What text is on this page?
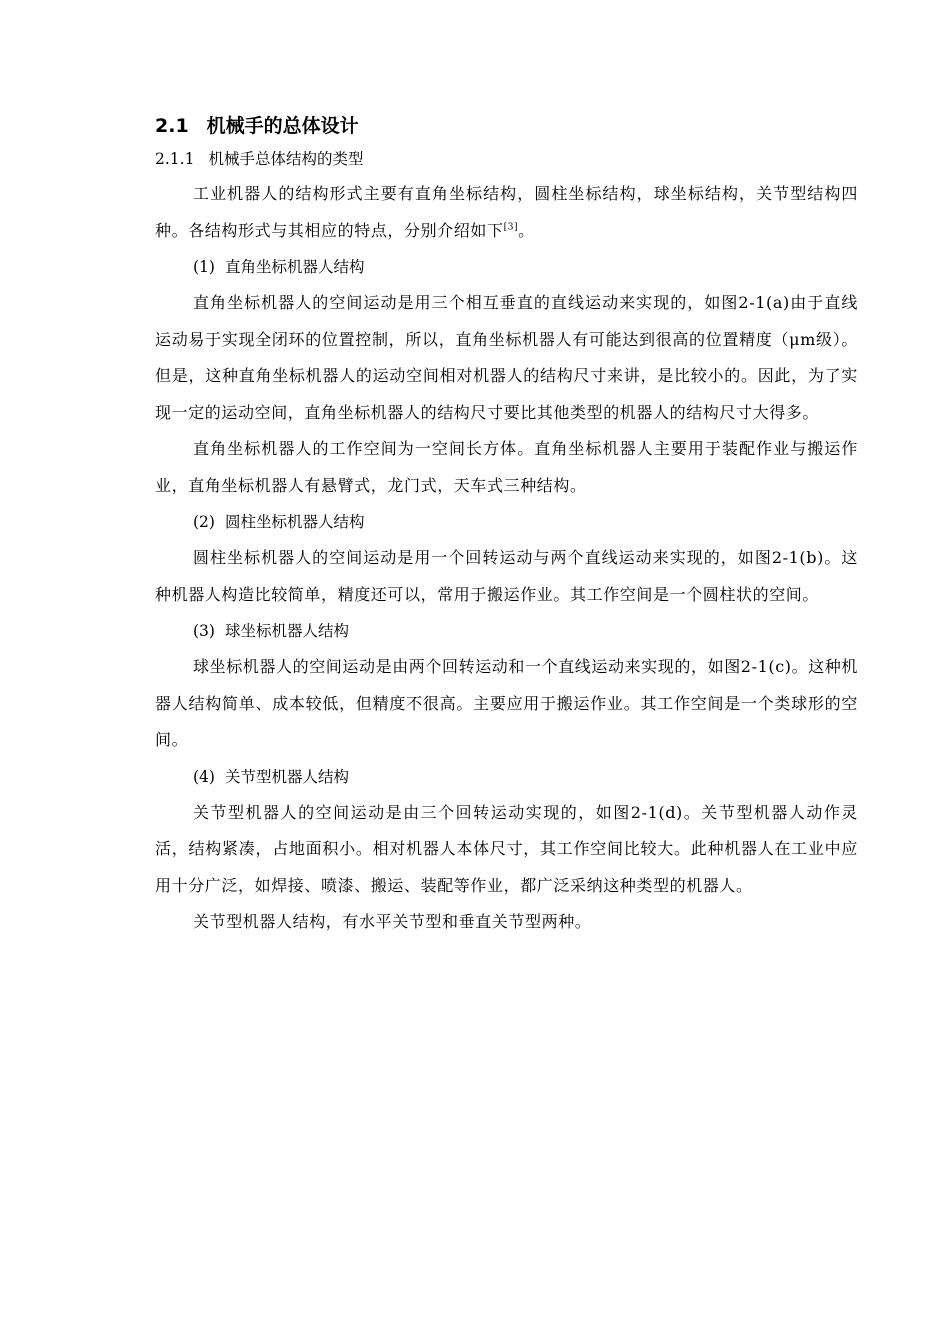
2.1 机械手的总体设计
2.1.1 机械手总体结构的类型

工业机器人的结构形式主要有直角坐标结构，圆柱坐标结构，球坐标结构，关节型结构四种。各结构形式与其相应的特点，分别介绍如下[3]。

(1) 直角坐标机器人结构

直角坐标机器人的空间运动是用三个相互垂直的直线运动来实现的，如图2-1(a)由于直线运动易于实现全闭环的位置控制，所以，直角坐标机器人有可能达到很高的位置精度（μm级）。但是，这种直角坐标机器人的运动空间相对机器人的结构尺寸来讲，是比较小的。因此，为了实现一定的运动空间，直角坐标机器人的结构尺寸要比其他类型的机器人的结构尺寸大得多。

直角坐标机器人的工作空间为一空间长方体。直角坐标机器人主要用于装配作业与搬运作业，直角坐标机器人有悬臂式，龙门式，天车式三种结构。

(2) 圆柱坐标机器人结构

圆柱坐标机器人的空间运动是用一个回转运动与两个直线运动来实现的，如图2-1(b)。这种机器人构造比较简单，精度还可以，常用于搬运作业。其工作空间是一个圆柱状的空间。

(3) 球坐标机器人结构

球坐标机器人的空间运动是由两个回转运动和一个直线运动来实现的，如图2-1(c)。这种机器人结构简单、成本较低，但精度不很高。主要应用于搬运作业。其工作空间是一个类球形的空间。

(4) 关节型机器人结构

关节型机器人的空间运动是由三个回转运动实现的，如图2-1(d)。关节型机器人动作灵活，结构紧凑，占地面积小。相对机器人本体尺寸，其工作空间比较大。此种机器人在工业中应用十分广泛，如焊接、喷漆、搬运、装配等作业，都广泛采纳这种类型的机器人。

关节型机器人结构，有水平关节型和垂直关节型两种。
